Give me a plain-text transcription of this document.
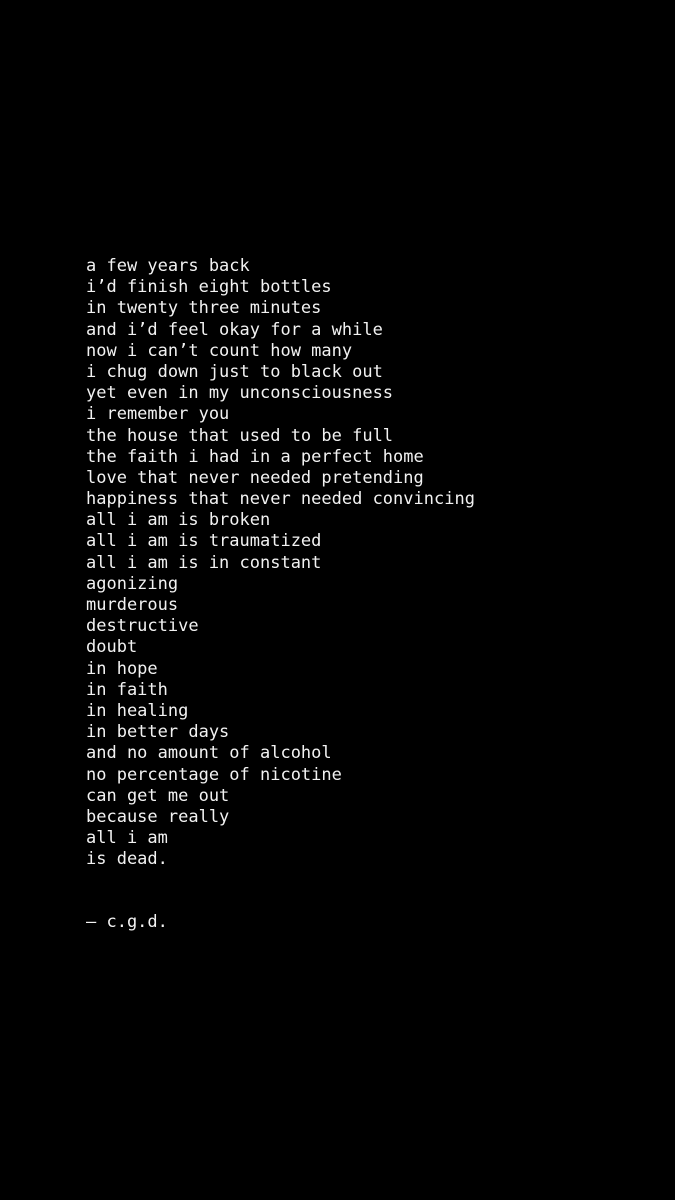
a few years back
i’d finish eight bottles
in twenty three minutes
and i’d feel okay for a while
now i can’t count how many
i chug down just to black out
yet even in my unconsciousness
i remember you
the house that used to be full
the faith i had in a perfect home
love that never needed pretending
happiness that never needed convincing
all i am is broken
all i am is traumatized
all i am is in constant
agonizing
murderous
destructive
doubt
in hope
in faith
in healing
in better days
and no amount of alcohol
no percentage of nicotine
can get me out
because really
all i am
is dead.
— c.g.d.
